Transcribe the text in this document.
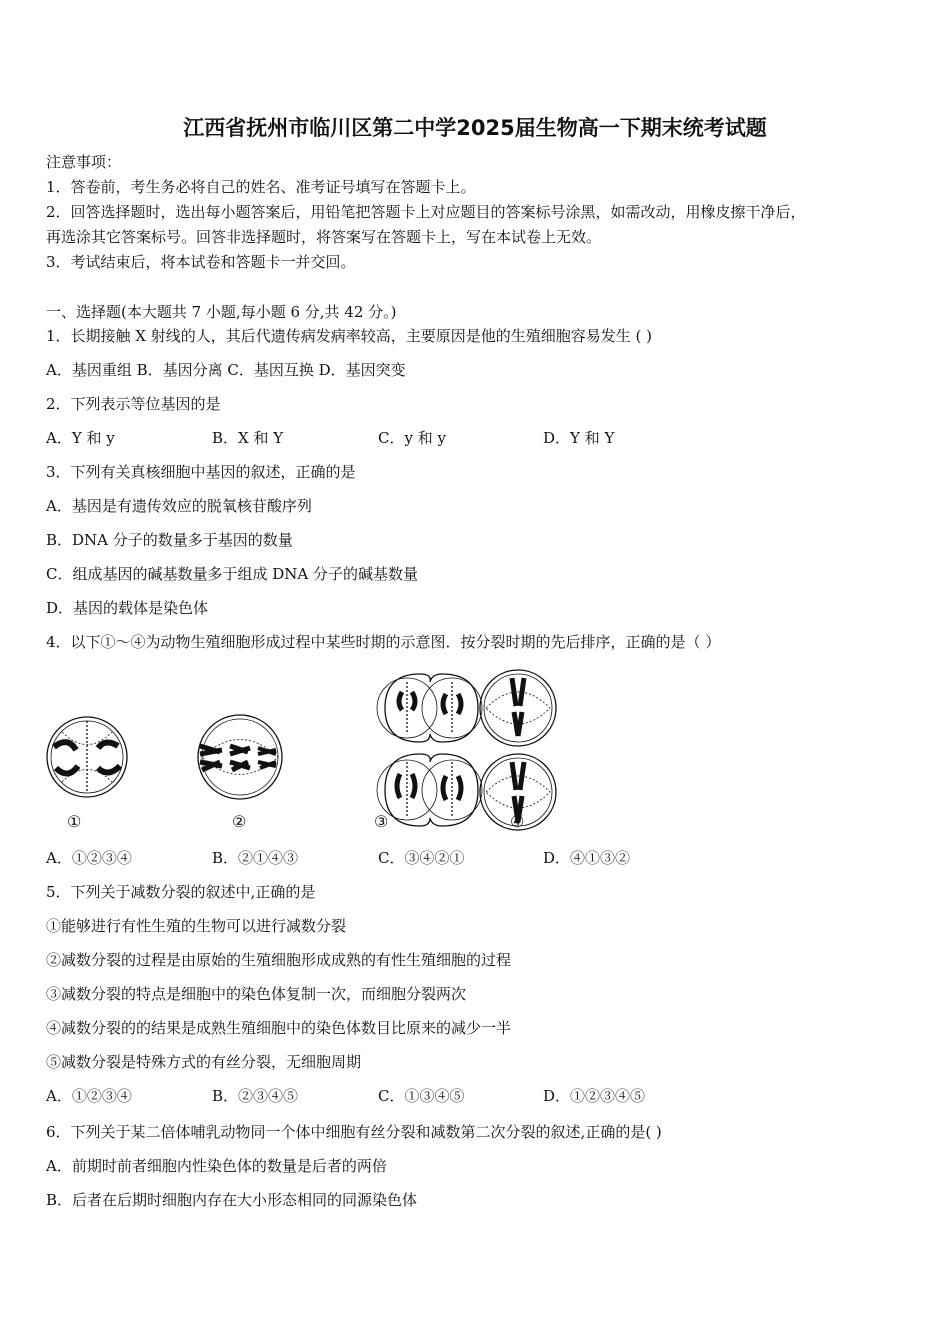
江西省抚州市临川区第二中学2025届生物高一下期末统考试题
注意事项：
1．答卷前，考生务必将自己的姓名、准考证号填写在答题卡上。
2．回答选择题时，选出每小题答案后，用铅笔把答题卡上对应题目的答案标号涂黑，如需改动，用橡皮擦干净后，
再选涂其它答案标号。回答非选择题时，将答案写在答题卡上，写在本试卷上无效。
3．考试结束后，将本试卷和答题卡一并交回。
一、选择题(本大题共 7 小题,每小题 6 分,共 42 分。)
1．长期接触 X 射线的人，其后代遗传病发病率较高，主要原因是他的生殖细胞容易发生 ( )
A．基因重组 B．基因分离 C．基因互换 D．基因突变
2．下列表示等位基因的是
A．Y 和 y	B．X 和 Y	C．y 和 y	D．Y 和 Y
3．下列有关真核细胞中基因的叙述，正确的是
A．基因是有遗传效应的脱氧核苷酸序列
B．DNA 分子的数量多于基因的数量
C．组成基因的碱基数量多于组成 DNA 分子的碱基数量
D．基因的载体是染色体
4．以下①～④为动物生殖细胞形成过程中某些时期的示意图．按分裂时期的先后排序，正确的是（ ）
①	②	③	④
A．①②③④	B．②①④③	C．③④②①	D．④①③②
5．下列关于减数分裂的叙述中,正确的是
①能够进行有性生殖的生物可以进行减数分裂
②减数分裂的过程是由原始的生殖细胞形成成熟的有性生殖细胞的过程
③减数分裂的特点是细胞中的染色体复制一次，而细胞分裂两次
④减数分裂的的结果是成熟生殖细胞中的染色体数目比原来的减少一半
⑤减数分裂是特殊方式的有丝分裂，无细胞周期
A．①②③④	B．②③④⑤	C．①③④⑤	D．①②③④⑤
6．下列关于某二倍体哺乳动物同一个体中细胞有丝分裂和减数第二次分裂的叙述,正确的是( )
A．前期时前者细胞内性染色体的数量是后者的两倍
B．后者在后期时细胞内存在大小形态相同的同源染色体
